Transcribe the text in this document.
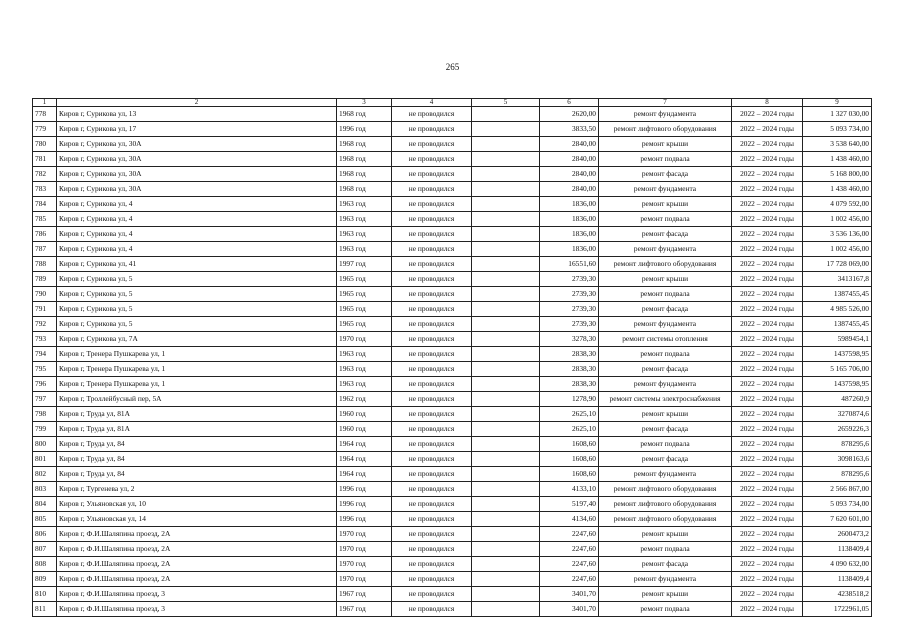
265
1	2	3	4	5	6	7	8	9
778	Киров г, Сурикова ул, 13	1968 год	не проводился		2620,00	ремонт фундамента	2022 – 2024 годы	1 327 030,00
779	Киров г, Сурикова ул, 17	1996 год	не проводился		3833,50	ремонт лифтового оборудования	2022 – 2024 годы	5 093 734,00
780	Киров г, Сурикова ул, 30А	1968 год	не проводился		2840,00	ремонт крыши	2022 – 2024 годы	3 538 640,00
781	Киров г, Сурикова ул, 30А	1968 год	не проводился		2840,00	ремонт подвала	2022 – 2024 годы	1 438 460,00
782	Киров г, Сурикова ул, 30А	1968 год	не проводился		2840,00	ремонт фасада	2022 – 2024 годы	5 168 800,00
783	Киров г, Сурикова ул, 30А	1968 год	не проводился		2840,00	ремонт фундамента	2022 – 2024 годы	1 438 460,00
784	Киров г, Сурикова ул, 4	1963 год	не проводился		1836,00	ремонт крыши	2022 – 2024 годы	4 079 592,00
785	Киров г, Сурикова ул, 4	1963 год	не проводился		1836,00	ремонт подвала	2022 – 2024 годы	1 002 456,00
786	Киров г, Сурикова ул, 4	1963 год	не проводился		1836,00	ремонт фасада	2022 – 2024 годы	3 536 136,00
787	Киров г, Сурикова ул, 4	1963 год	не проводился		1836,00	ремонт фундамента	2022 – 2024 годы	1 002 456,00
788	Киров г, Сурикова ул, 41	1997 год	не проводился		16551,60	ремонт лифтового оборудования	2022 – 2024 годы	17 728 069,00
789	Киров г, Сурикова ул, 5	1965 год	не проводился		2739,30	ремонт крыши	2022 – 2024 годы	3413167,8
790	Киров г, Сурикова ул, 5	1965 год	не проводился		2739,30	ремонт подвала	2022 – 2024 годы	1387455,45
791	Киров г, Сурикова ул, 5	1965 год	не проводился		2739,30	ремонт фасада	2022 – 2024 годы	4 985 526,00
792	Киров г, Сурикова ул, 5	1965 год	не проводился		2739,30	ремонт фундамента	2022 – 2024 годы	1387455,45
793	Киров г, Сурикова ул, 7А	1970 год	не проводился		3278,30	ремонт системы отопления	2022 – 2024 годы	5989454,1
794	Киров г, Тренера Пушкарева ул, 1	1963 год	не проводился		2838,30	ремонт подвала	2022 – 2024 годы	1437598,95
795	Киров г, Тренера Пушкарева ул, 1	1963 год	не проводился		2838,30	ремонт фасада	2022 – 2024 годы	5 165 706,00
796	Киров г, Тренера Пушкарева ул, 1	1963 год	не проводился		2838,30	ремонт фундамента	2022 – 2024 годы	1437598,95
797	Киров г, Троллейбусный пер, 5А	1962 год	не проводился		1278,90	ремонт системы электроснабжения	2022 – 2024 годы	487260,9
798	Киров г, Труда ул, 81А	1960 год	не проводился		2625,10	ремонт крыши	2022 – 2024 годы	3270874,6
799	Киров г, Труда ул, 81А	1960 год	не проводился		2625,10	ремонт фасада	2022 – 2024 годы	2659226,3
800	Киров г, Труда ул, 84	1964 год	не проводился		1608,60	ремонт подвала	2022 – 2024 годы	878295,6
801	Киров г, Труда ул, 84	1964 год	не проводился		1608,60	ремонт фасада	2022 – 2024 годы	3098163,6
802	Киров г, Труда ул, 84	1964 год	не проводился		1608,60	ремонт фундамента	2022 – 2024 годы	878295,6
803	Киров г, Тургенева ул, 2	1996 год	не проводился		4133,10	ремонт лифтового оборудования	2022 – 2024 годы	2 566 867,00
804	Киров г, Ульяновская ул, 10	1996 год	не проводился		5197,40	ремонт лифтового оборудования	2022 – 2024 годы	5 093 734,00
805	Киров г, Ульяновская ул, 14	1996 год	не проводился		4134,60	ремонт лифтового оборудования	2022 – 2024 годы	7 620 601,00
806	Киров г, Ф.И.Шаляпина проезд, 2А	1970 год	не проводился		2247,60	ремонт крыши	2022 – 2024 годы	2600473,2
807	Киров г, Ф.И.Шаляпина проезд, 2А	1970 год	не проводился		2247,60	ремонт подвала	2022 – 2024 годы	1138409,4
808	Киров г, Ф.И.Шаляпина проезд, 2А	1970 год	не проводился		2247,60	ремонт фасада	2022 – 2024 годы	4 090 632,00
809	Киров г, Ф.И.Шаляпина проезд, 2А	1970 год	не проводился		2247,60	ремонт фундамента	2022 – 2024 годы	1138409,4
810	Киров г, Ф.И.Шаляпина проезд, 3	1967 год	не проводился		3401,70	ремонт крыши	2022 – 2024 годы	4238518,2
811	Киров г, Ф.И.Шаляпина проезд, 3	1967 год	не проводился		3401,70	ремонт подвала	2022 – 2024 годы	1722961,05
